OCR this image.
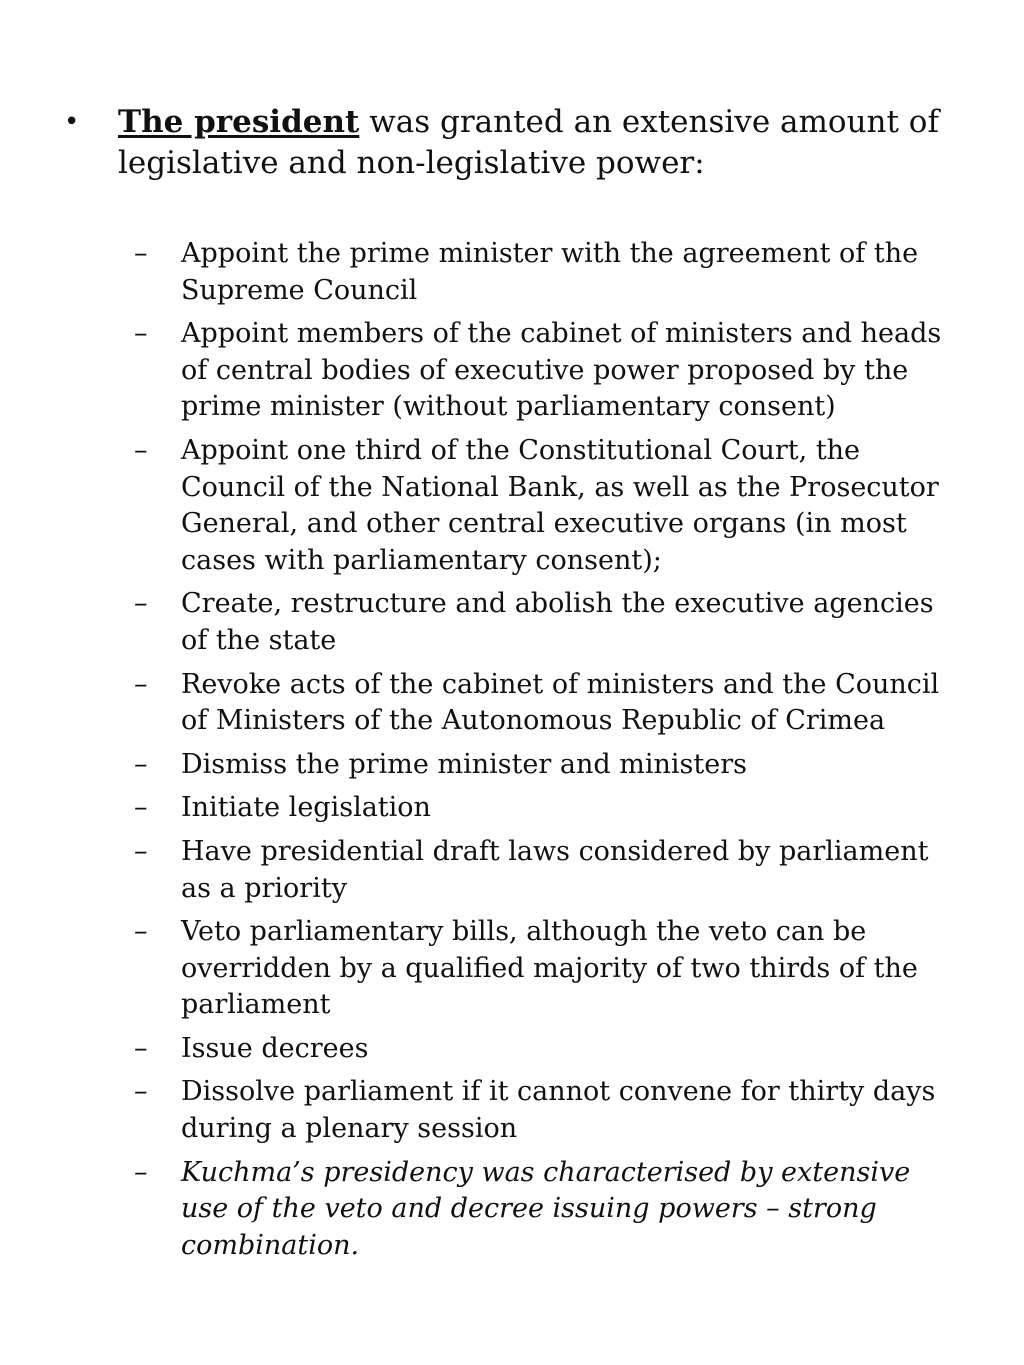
•	The president was granted an extensive amount of legislative and non-legislative power:
–	Appoint the prime minister with the agreement of the Supreme Council
–	Appoint members of the cabinet of ministers and heads of central bodies of executive power proposed by the prime minister (without parliamentary consent)
–	Appoint one third of the Constitutional Court, the Council of the National Bank, as well as the Prosecutor General, and other central executive organs (in most cases with parliamentary consent);
–	Create, restructure and abolish the executive agencies of the state
–	Revoke acts of the cabinet of ministers and the Council of Ministers of the Autonomous Republic of Crimea
–	Dismiss the prime minister and ministers
–	Initiate legislation
–	Have presidential draft laws considered by parliament as a priority
–	Veto parliamentary bills, although the veto can be overridden by a qualified majority of two thirds of the parliament
–	Issue decrees
–	Dissolve parliament if it cannot convene for thirty days during a plenary session
–	Kuchma’s presidency was characterised by extensive use of the veto and decree issuing powers – strong combination.
